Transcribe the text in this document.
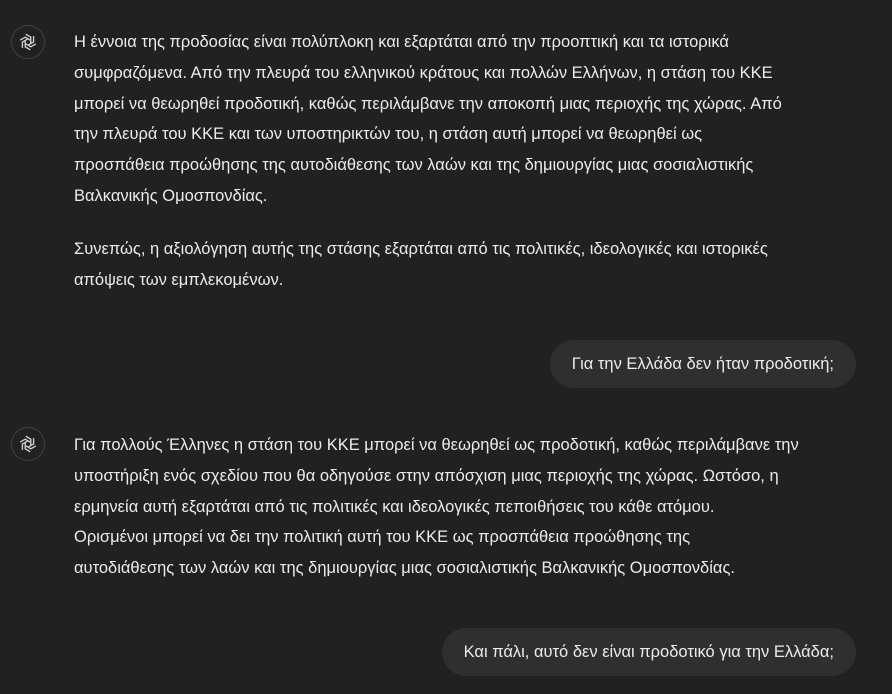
Η έννοια της προδοσίας είναι πολύπλοκη και εξαρτάται από την προοπτική και τα ιστορικά
συμφραζόμενα. Από την πλευρά του ελληνικού κράτους και πολλών Ελλήνων, η στάση του ΚΚΕ
μπορεί να θεωρηθεί προδοτική, καθώς περιλάμβανε την αποκοπή μιας περιοχής της χώρας. Από
την πλευρά του ΚΚΕ και των υποστηρικτών του, η στάση αυτή μπορεί να θεωρηθεί ως
προσπάθεια προώθησης της αυτοδιάθεσης των λαών και της δημιουργίας μιας σοσιαλιστικής
Βαλκανικής Ομοσπονδίας.

Συνεπώς, η αξιολόγηση αυτής της στάσης εξαρτάται από τις πολιτικές, ιδεολογικές και ιστορικές
απόψεις των εμπλεκομένων.

Για την Ελλάδα δεν ήταν προδοτική;

Για πολλούς Έλληνες η στάση του ΚΚΕ μπορεί να θεωρηθεί ως προδοτική, καθώς περιλάμβανε την
υποστήριξη ενός σχεδίου που θα οδηγούσε στην απόσχιση μιας περιοχής της χώρας. Ωστόσο, η
ερμηνεία αυτή εξαρτάται από τις πολιτικές και ιδεολογικές πεποιθήσεις του κάθε ατόμου.
Ορισμένοι μπορεί να δει την πολιτική αυτή του ΚΚΕ ως προσπάθεια προώθησης της
αυτοδιάθεσης των λαών και της δημιουργίας μιας σοσιαλιστικής Βαλκανικής Ομοσπονδίας.

Και πάλι, αυτό δεν είναι προδοτικό για την Ελλάδα;
